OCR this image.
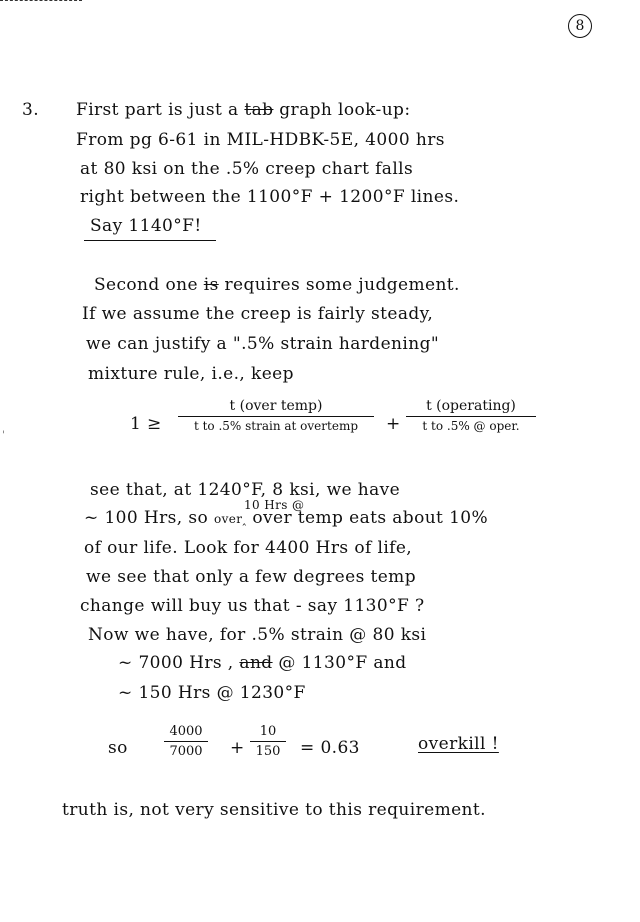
8
3. First part is just a tab graph look-up:
From pg 6-61 in MIL-HDBK-5E, 4000 hrs
at 80 ksi on the .5% creep chart falls
right between the 1100°F + 1200°F lines.
Say 1140°F!
Second one is requires some judgement.
If we assume the creep is fairly steady,
we can justify a ".5% strain hardening"
mixture rule, i.e., keep
1 ≥
t (over temp)
t to .5% strain at overtemp	+
t (operating)
t to .5% @ oper.
'
see that, at 1240°F, 8 ksi, we have
10 Hrs @
~ 100 Hrs, so over‸ over temp eats about 10%
of our life. Look for 4400 Hrs of life,
we see that only a few degrees temp
change will buy us that - say 1130°F ?
Now we have, for .5% strain @ 80 ksi
~ 7000 Hrs , and @ 1130°F and
~ 150 Hrs @ 1230°F
so	$\frac{4000}{7000} + \frac{10}{150} = 0.63$	overkill !
truth is, not very sensitive to this requirement.
